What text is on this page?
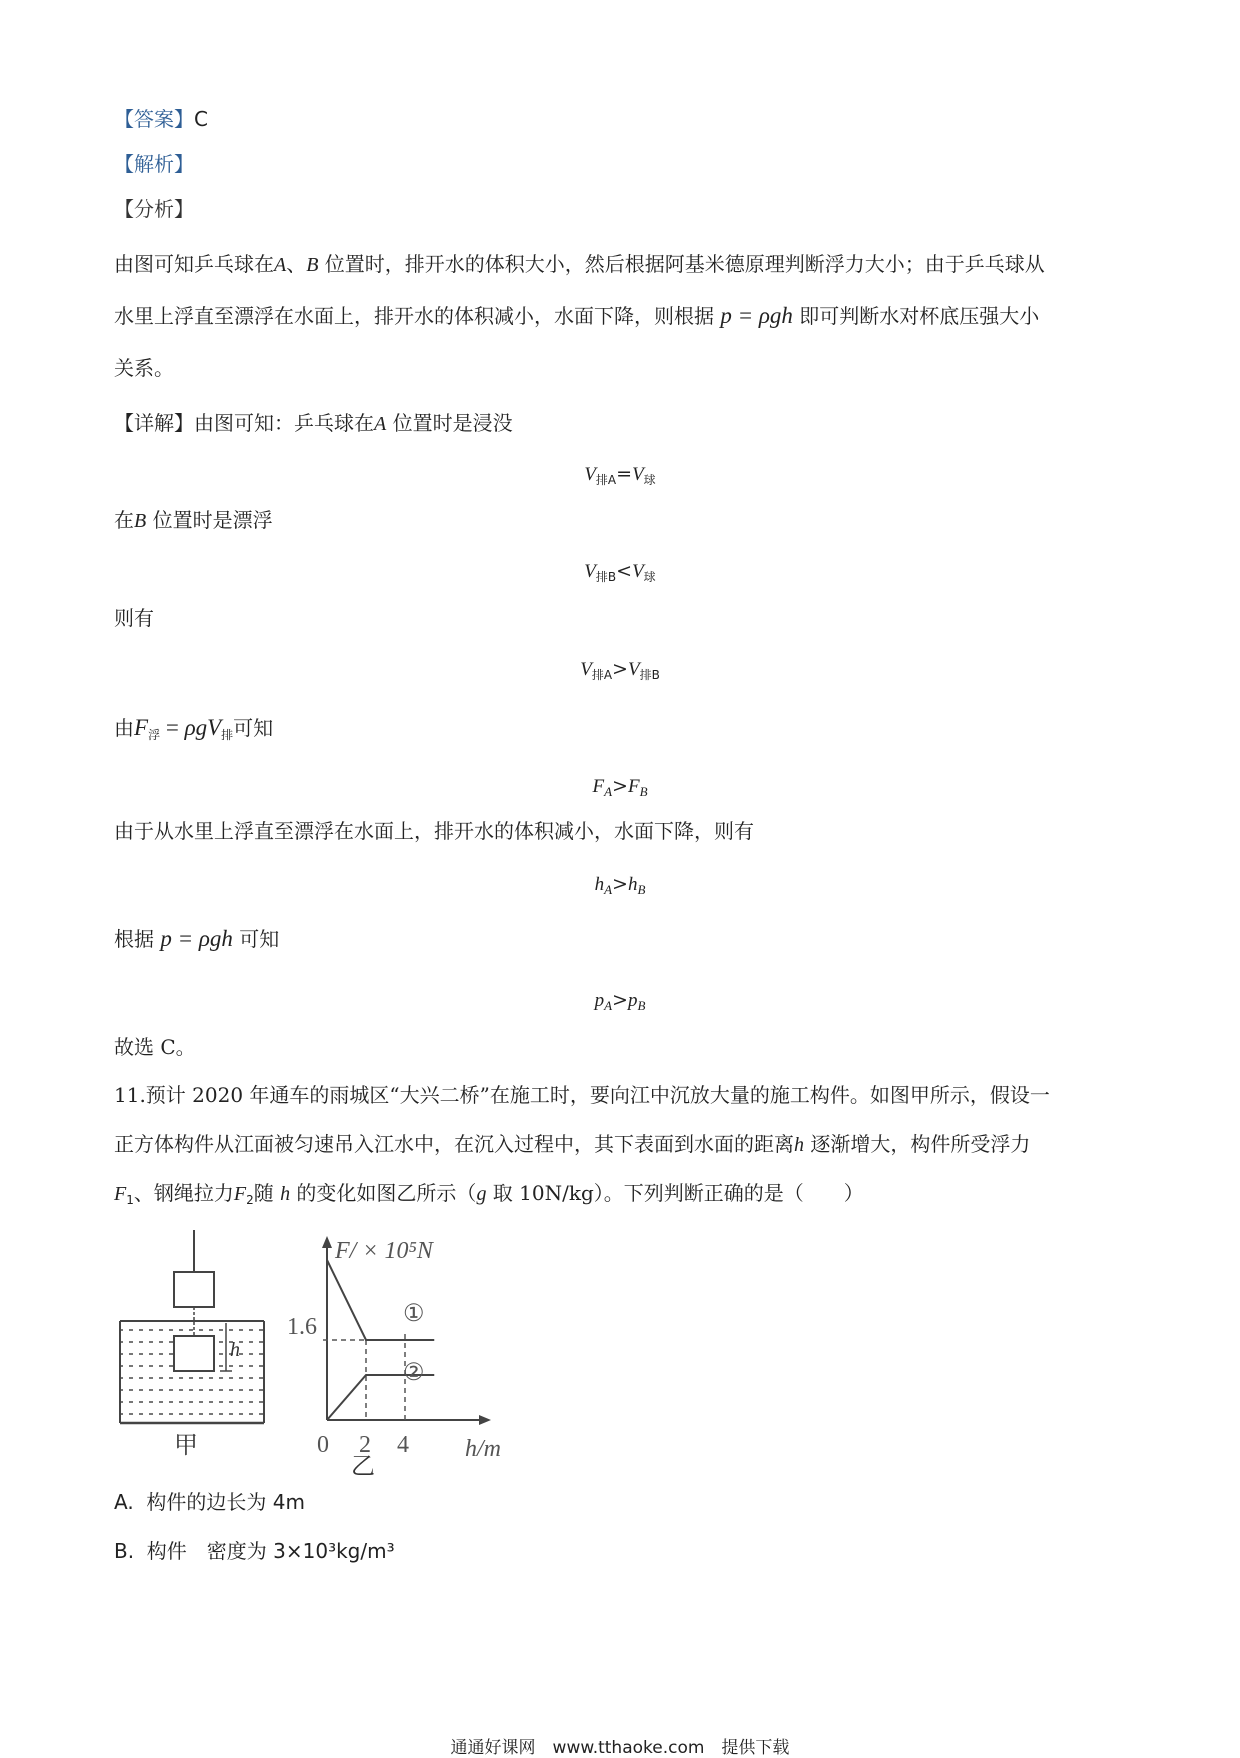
【答案】C
【解析】
【分析】
由图可知乒乓球在A、B 位置时，排开水的体积大小，然后根据阿基米德原理判断浮力大小；由于乒乓球从
水里上浮直至漂浮在水面上，排开水的体积减小，水面下降，则根据 p = ρgh 即可判断水对杯底压强大小
关系。
【详解】由图可知：乒乓球在A 位置时是浸没
$V_{排A}=V_球$
在B 位置时是漂浮
$V_{排B}<V_球$
则有
$V_{排A}>V_{排B}$
由$F_浮 = \rho gV_排$可知
$F_A>F_B$
由于从水里上浮直至漂浮在水面上，排开水的体积减小，水面下降，则有
$h_A>h_B$
根据 p = ρgh 可知
$p_A>p_B$
故选 C。
11.预计 2020 年通车的雨城区“大兴二桥”在施工时，要向江中沉放大量的施工构件。如图甲所示，假设一
正方体构件从江面被匀速吊入江水中，在沉入过程中，其下表面到水面的距离h 逐渐增大，构件所受浮力
$F_1$、钢绳拉力$F_2$随 h 的变化如图乙所示（g 取 10N/kg）。下列判断正确的是（　　）
h
甲
F/ × 10⁵N
h/m
1.6
0 2 4
①
②
乙
A. 构件的边长为 4m
B. 构件　密度为 3×10³kg/m³
通通好课网　www.tthaoke.com　提供下载
